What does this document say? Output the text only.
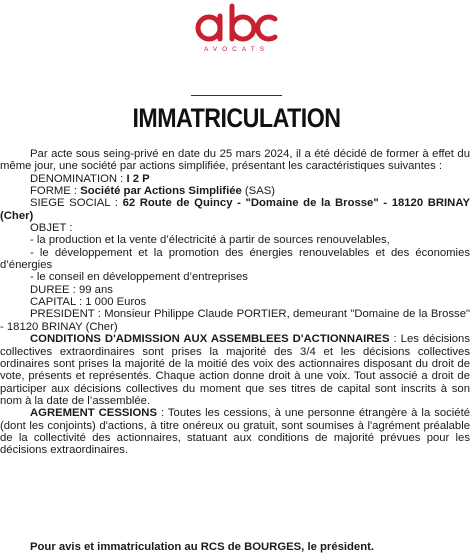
AVOCATS
IMMATRICULATION

Par acte sous seing-privé en date du 25 mars 2024, il a été décidé de former à effet du même jour, une société par actions simplifiée, présentant les caractéristiques suivantes :

DENOMINATION : I 2 P

FORME : Société par Actions Simplifiée (SAS)

SIEGE SOCIAL : 62 Route de Quincy - "Domaine de la Brosse" - 18120 BRINAY (Cher)

OBJET :

- la production et la vente d’électricité à partir de sources renouvelables,

- le développement et la promotion des énergies renouvelables et des économies d’énergies

- le conseil en développement d’entreprises

DUREE : 99 ans

CAPITAL : 1 000 Euros

PRESIDENT : Monsieur Philippe Claude PORTIER, demeurant "Domaine de la Brosse" - 18120 BRINAY (Cher)

CONDITIONS D'ADMISSION AUX ASSEMBLEES D'ACTIONNAIRES : Les décisions collectives extraordinaires sont prises la majorité des 3/4 et les décisions collectives ordinaires sont prises la majorité de la moitié des voix des actionnaires disposant du droit de vote, présents et représentés. Chaque action donne droit à une voix. Tout associé a droit de participer aux décisions collectives du moment que ses titres de capital sont inscrits à son nom à la date de l’assemblée.

AGREMENT CESSIONS : Toutes les cessions, à une personne étrangère à la société (dont les conjoints) d'actions, à titre onéreux ou gratuit, sont soumises à l'agrément préalable de la collectivité des actionnaires, statuant aux conditions de majorité prévues pour les décisions extraordinaires.

Pour avis et immatriculation au RCS de BOURGES, le président.
